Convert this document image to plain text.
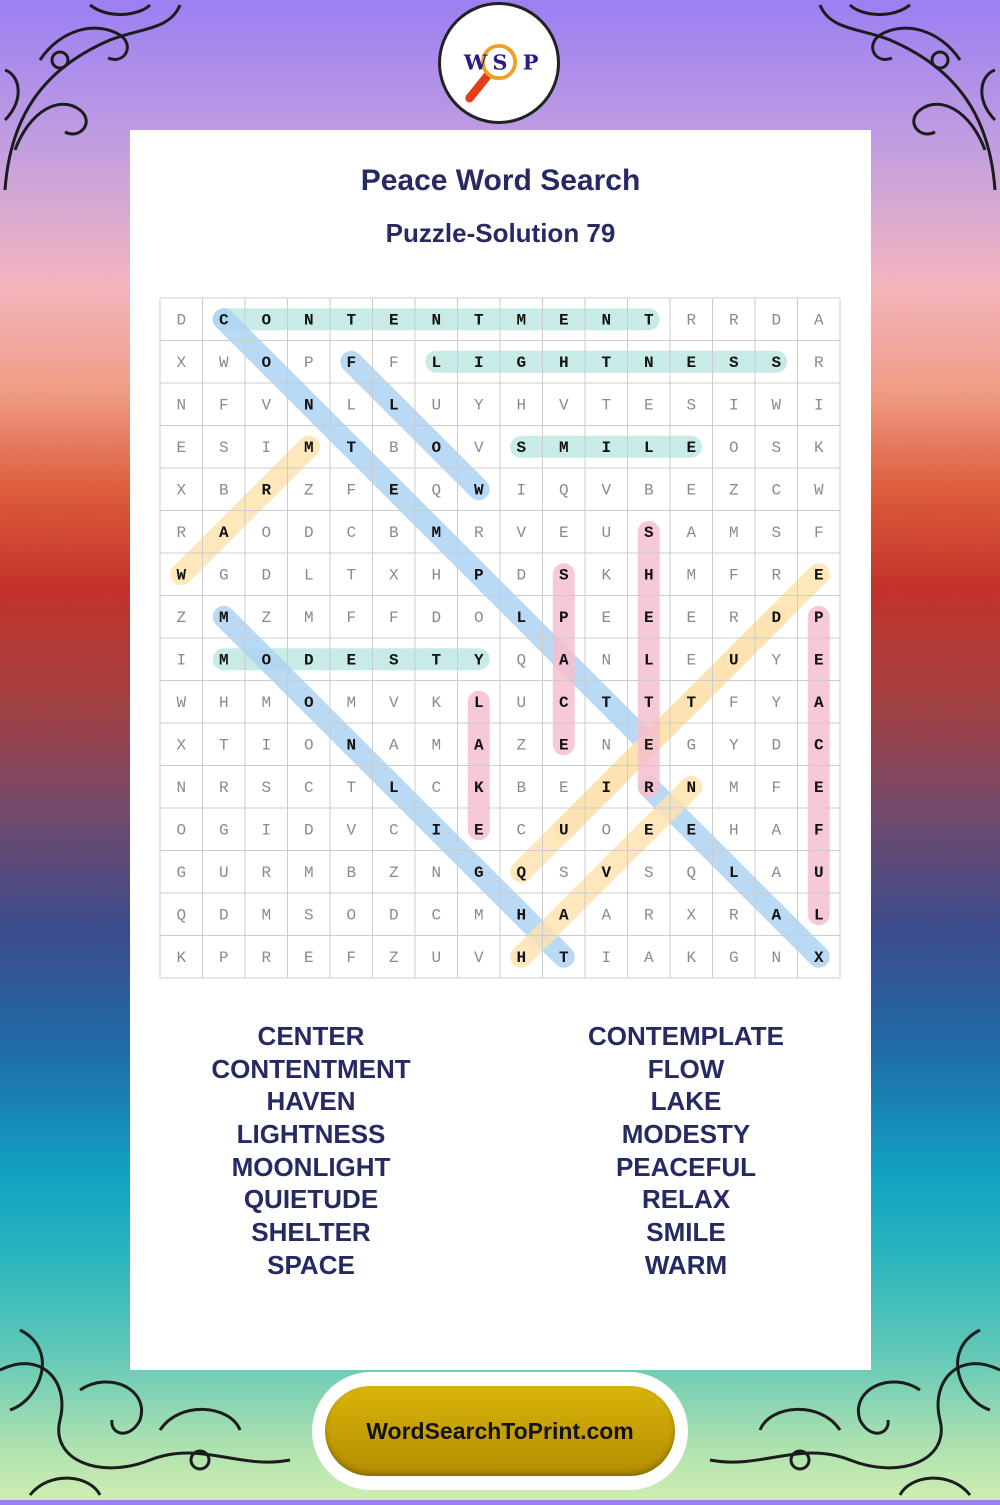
W S P
Peace Word Search
Puzzle-Solution 79
D C O N T E N T M E N T R R D A
X W O P F F L I G H T N E S S R
N F V N L L U Y H V T E S I W I
E S I M T B O V S M I L E O S K
X B R Z F E Q W I Q V B E Z C W
R A O D C B M R V E U S A M S F
W G D L T X H P D S K H M F R E
Z M Z M F F D O L P E E E R D P
I M O D E S T Y Q A N L E U Y E
W H M O M V K L U C T T T F Y A
X T I O N A M A Z E N E G Y D C
N R S C T L C K B E I R N M F E
O G I D V C I E C U O E E H A F
G U R M B Z N G Q S V S Q L A U
Q D M S O D C M H A A R X R A L
K P R E F Z U V H T I A K G N X
CENTER
CONTENTMENT
HAVEN
LIGHTNESS
MOONLIGHT
QUIETUDE
SHELTER
SPACE
CONTEMPLATE
FLOW
LAKE
MODESTY
PEACEFUL
RELAX
SMILE
WARM
WordSearchToPrint.com
